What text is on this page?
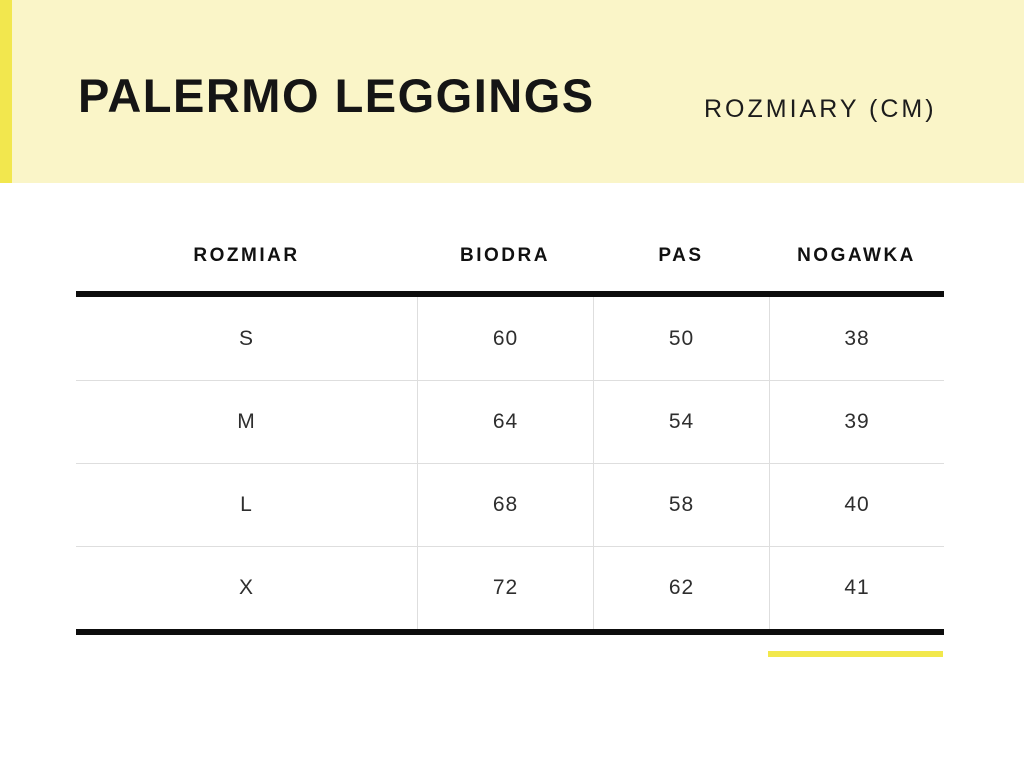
PALERMO LEGGINGS	ROZMIARY (CM)
ROZMIAR	BIODRA	PAS	NOGAWKA
S	60	50	38
M	64	54	39
L	68	58	40
X	72	62	41
